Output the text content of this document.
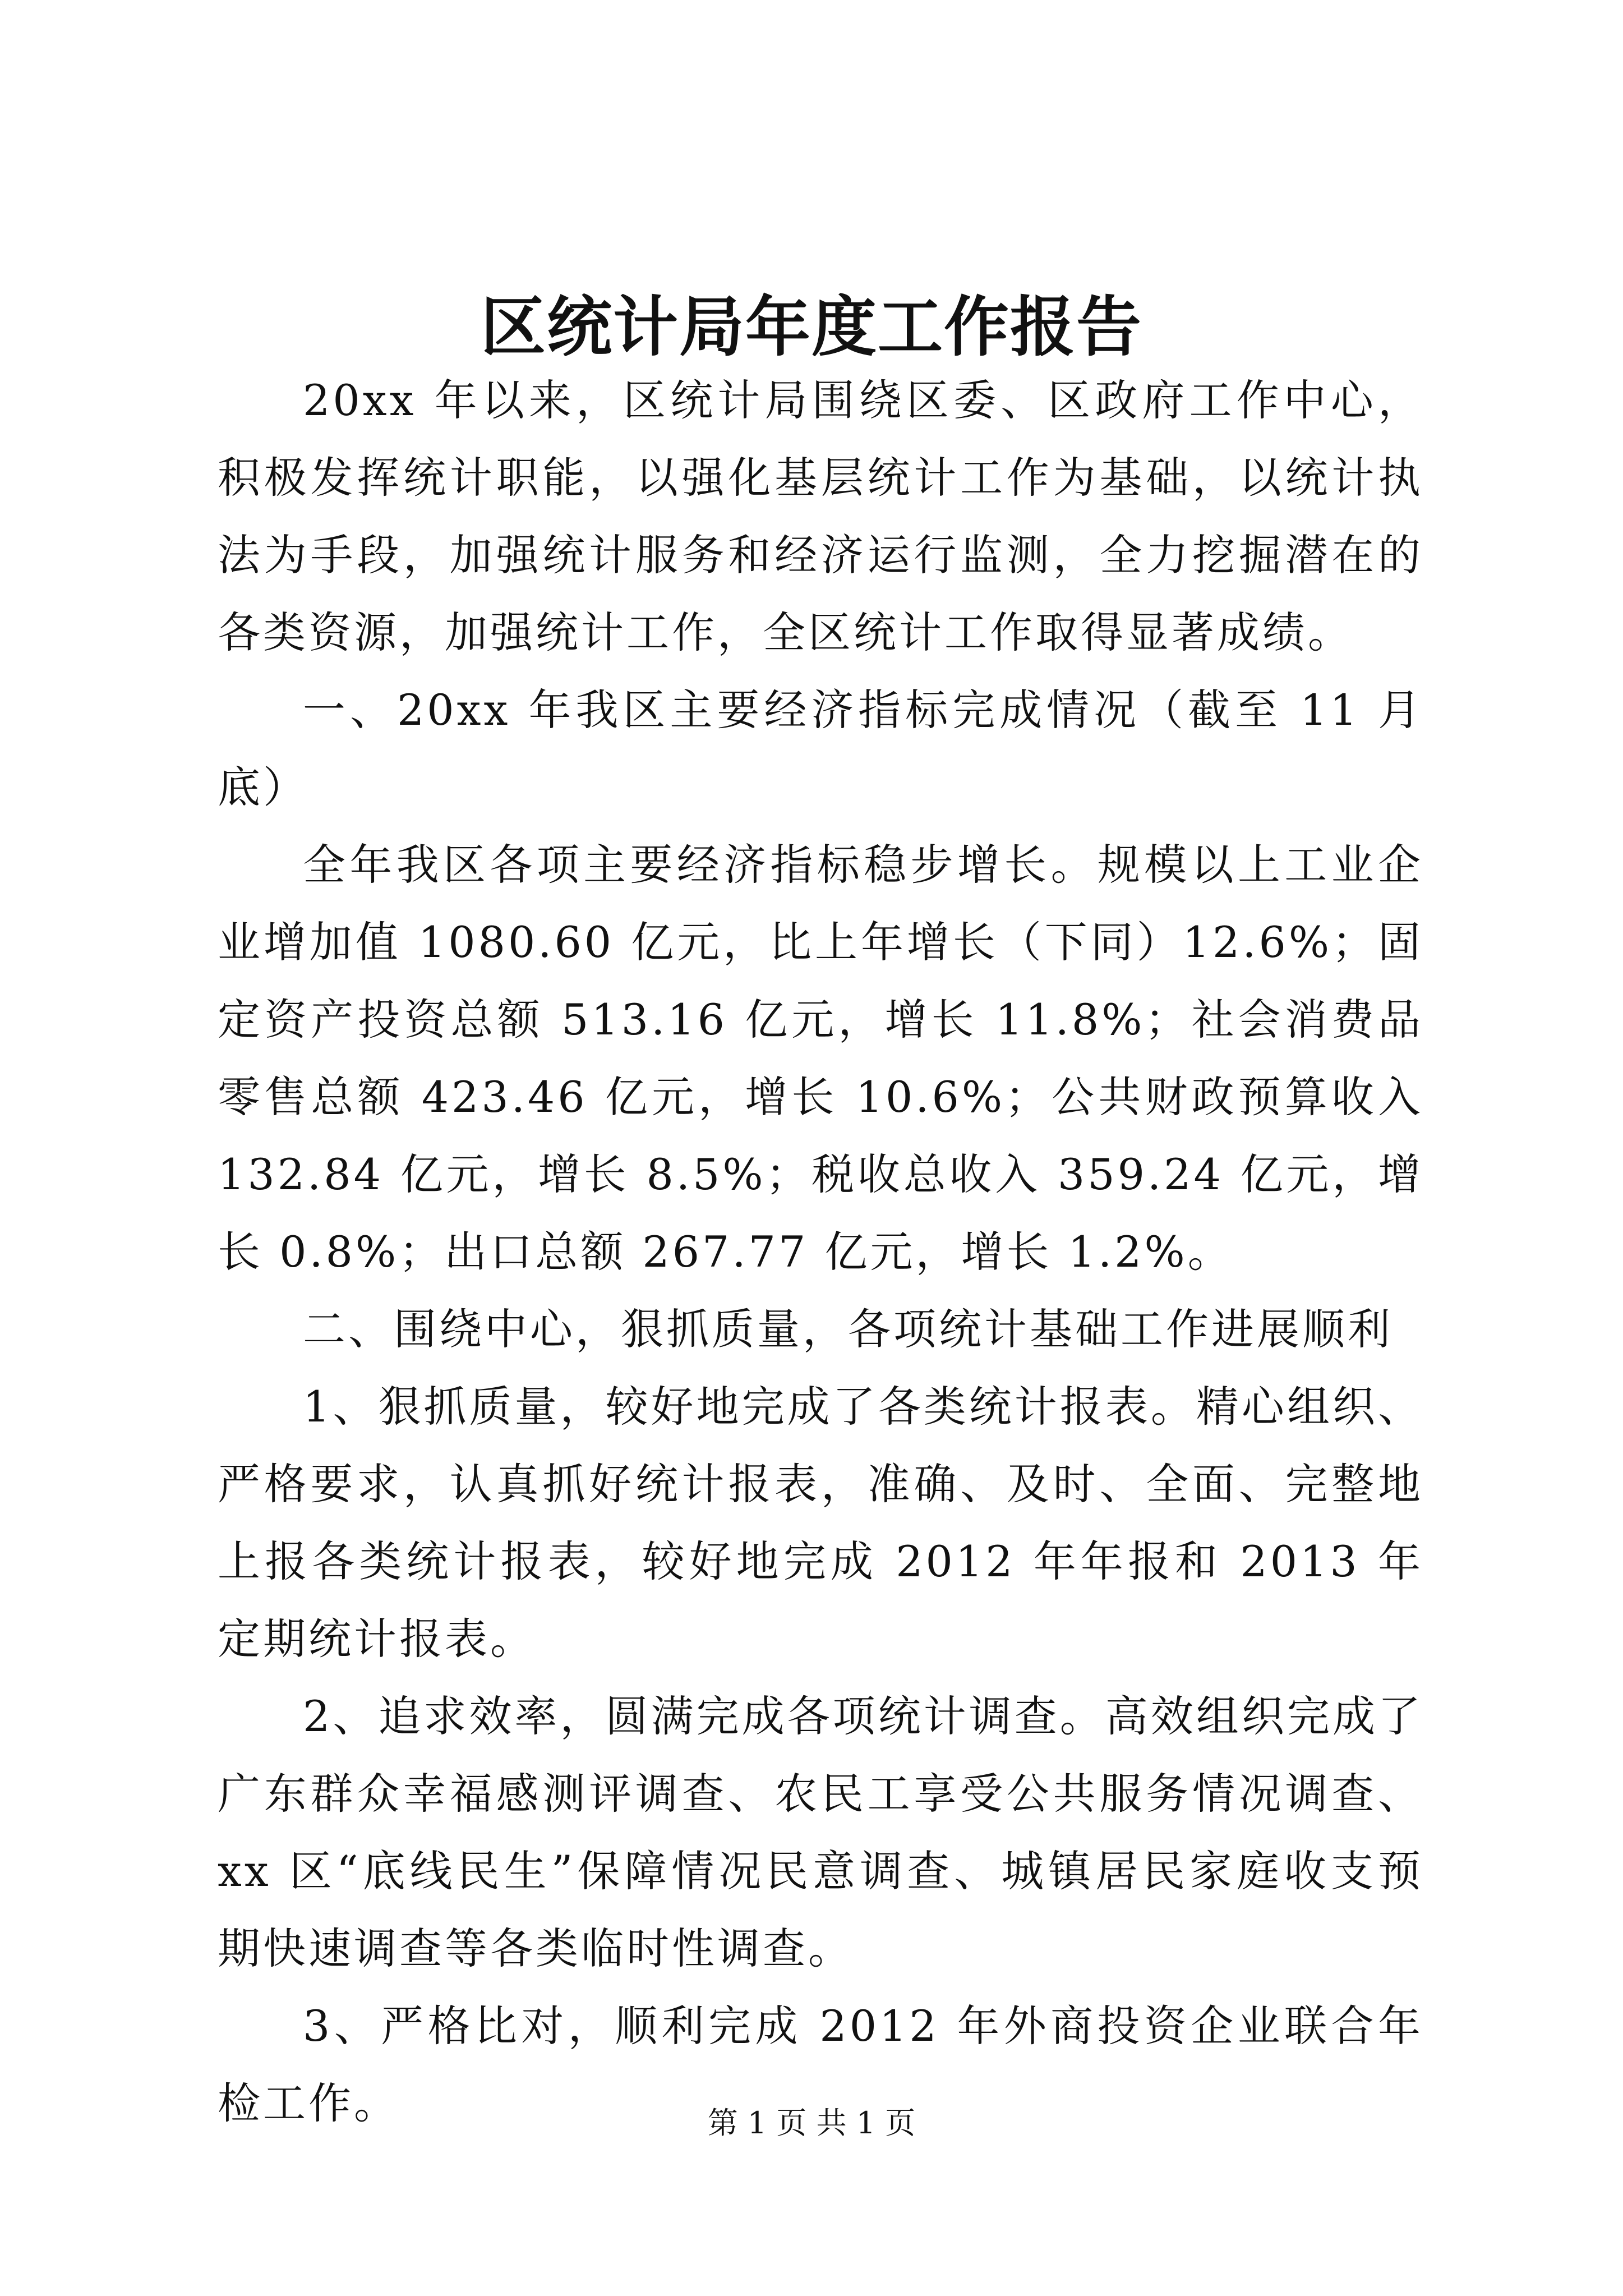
区统计局年度工作报告

20xx 年以来，区统计局围绕区委、区政府工作中心，积极发挥统计职能，以强化基层统计工作为基础，以统计执法为手段，加强统计服务和经济运行监测，全力挖掘潜在的各类资源，加强统计工作，全区统计工作取得显著成绩。

一、20xx 年我区主要经济指标完成情况（截至 11 月底）

全年我区各项主要经济指标稳步增长。规模以上工业企业增加值 1080.60 亿元，比上年增长（下同）12.6%；固定资产投资总额 513.16 亿元，增长 11.8%；社会消费品零售总额 423.46 亿元，增长 10.6%；公共财政预算收入 132.84 亿元，增长 8.5%；税收总收入 359.24 亿元，增长 0.8%；出口总额 267.77 亿元，增长 1.2%。

二、围绕中心，狠抓质量，各项统计基础工作进展顺利

1、狠抓质量，较好地完成了各类统计报表。精心组织、严格要求，认真抓好统计报表，准确、及时、全面、完整地上报各类统计报表，较好地完成 2012 年年报和 2013 年定期统计报表。

2、追求效率，圆满完成各项统计调查。高效组织完成了广东群众幸福感测评调查、农民工享受公共服务情况调查、xx 区“底线民生”保障情况民意调查、城镇居民家庭收支预期快速调查等各类临时性调查。

3、严格比对，顺利完成 2012 年外商投资企业联合年检工作。	第 1 页 共 1 页
